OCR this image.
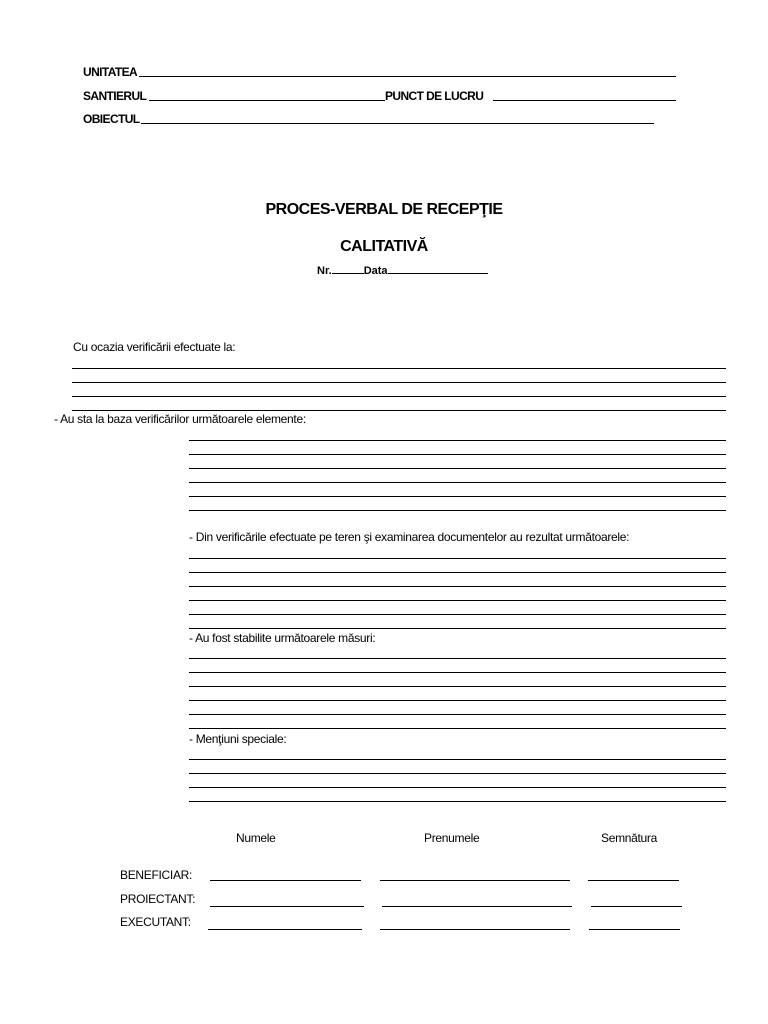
UNITATEA
SANTIERUL	PUNCT DE LUCRU
OBIECTUL
PROCES-VERBAL DE RECEPŢIE
CALITATIVĂ
Nr.	Data
Cu ocazia verificării efectuate la:
- Au sta la baza verificărilor următoarele elemente:
- Din verificările efectuate pe teren şi examinarea documentelor au rezultat următoarele:
- Au fost stabilite următoarele măsuri:
- Menţiuni speciale:
Numele	Prenumele	Semnătura
BENEFICIAR:
PROIECTANT:
EXECUTANT:
